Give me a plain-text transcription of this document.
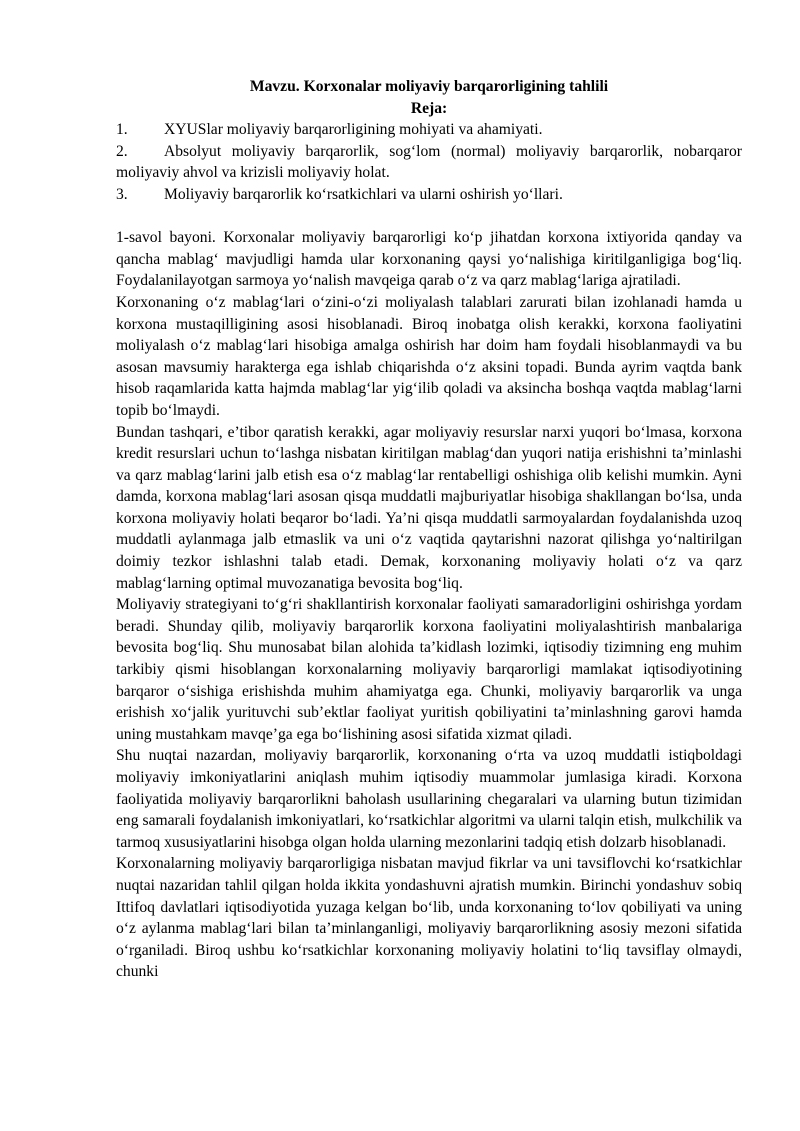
Mavzu. Korxonalar moliyaviy barqarorligining tahlili

Reja:

1. XYUSlar moliyaviy barqarorligining mohiyati va ahamiyati.

2. Absolyut moliyaviy barqarorlik, sog‘lom (normal) moliyaviy barqarorlik, nobarqaror moliyaviy ahvol va krizisli moliyaviy holat.

3. Moliyaviy barqarorlik ko‘rsatkichlari va ularni oshirish yo‘llari.

1-savol bayoni. Korxonalar moliyaviy barqarorligi ko‘p jihatdan korxona ixtiyorida qanday va qancha mablag‘ mavjudligi hamda ular korxonaning qaysi yo‘nalishiga kiritilganligiga bog‘liq. Foydalanilayotgan sarmoya yo‘nalish mavqeiga qarab o‘z va qarz mablag‘lariga ajratiladi.

Korxonaning o‘z mablag‘lari o‘zini-o‘zi moliyalash talablari zarurati bilan izohlanadi hamda u korxona mustaqilligining asosi hisoblanadi. Biroq inobatga olish kerakki, korxona faoliyatini moliyalash o‘z mablag‘lari hisobiga amalga oshirish har doim ham foydali hisoblanmaydi va bu asosan mavsumiy harakterga ega ishlab chiqarishda o‘z aksini topadi. Bunda ayrim vaqtda bank hisob raqamlarida katta hajmda mablag‘lar yig‘ilib qoladi va aksincha boshqa vaqtda mablag‘larni topib bo‘lmaydi.

Bundan tashqari, e’tibor qaratish kerakki, agar moliyaviy resurslar narxi yuqori bo‘lmasa, korxona kredit resurslari uchun to‘lashga nisbatan kiritilgan mablag‘dan yuqori natija erishishni ta’minlashi va qarz mablag‘larini jalb etish esa o‘z mablag‘lar rentabelligi oshishiga olib kelishi mumkin. Ayni damda, korxona mablag‘lari asosan qisqa muddatli majburiyatlar hisobiga shakllangan bo‘lsa, unda korxona moliyaviy holati beqaror bo‘ladi. Ya’ni qisqa muddatli sarmoyalardan foydalanishda uzoq muddatli aylanmaga jalb etmaslik va uni o‘z vaqtida qaytarishni nazorat qilishga yo‘naltirilgan doimiy tezkor ishlashni talab etadi. Demak, korxonaning moliyaviy holati o‘z va qarz mablag‘larning optimal muvozanatiga bevosita bog‘liq.

Moliyaviy strategiyani to‘g‘ri shakllantirish korxonalar faoliyati samaradorligini oshirishga yordam beradi. Shunday qilib, moliyaviy barqarorlik korxona faoliyatini moliyalashtirish manbalariga bevosita bog‘liq. Shu munosabat bilan alohida ta’kidlash lozimki, iqtisodiy tizimning eng muhim tarkibiy qismi hisoblangan korxonalarning moliyaviy barqarorligi mamlakat iqtisodiyotining barqaror o‘sishiga erishishda muhim ahamiyatga ega. Chunki, moliyaviy barqarorlik va unga erishish xo‘jalik yurituvchi sub’ektlar faoliyat yuritish qobiliyatini ta’minlashning garovi hamda uning mustahkam mavqe’ga ega bo‘lishining asosi sifatida xizmat qiladi.

Shu nuqtai nazardan, moliyaviy barqarorlik, korxonaning o‘rta va uzoq muddatli istiqboldagi moliyaviy imkoniyatlarini aniqlash muhim iqtisodiy muammolar jumlasiga kiradi. Korxona faoliyatida moliyaviy barqarorlikni baholash usullarining chegaralari va ularning butun tizimidan eng samarali foydalanish imkoniyatlari, ko‘rsatkichlar algoritmi va ularni talqin etish, mulkchilik va tarmoq xususiyatlarini hisobga olgan holda ularning mezonlarini tadqiq etish dolzarb hisoblanadi.

Korxonalarning moliyaviy barqarorligiga nisbatan mavjud fikrlar va uni tavsiflovchi ko‘rsatkichlar nuqtai nazaridan tahlil qilgan holda ikkita yondashuvni ajratish mumkin. Birinchi yondashuv sobiq Ittifoq davlatlari iqtisodiyotida yuzaga kelgan bo‘lib, unda korxonaning to‘lov qobiliyati va uning o‘z aylanma mablag‘lari bilan ta’minlanganligi, moliyaviy barqarorlikning asosiy mezoni sifatida o‘rganiladi. Biroq ushbu ko‘rsatkichlar korxonaning moliyaviy holatini to‘liq tavsiflay olmaydi, chunki
